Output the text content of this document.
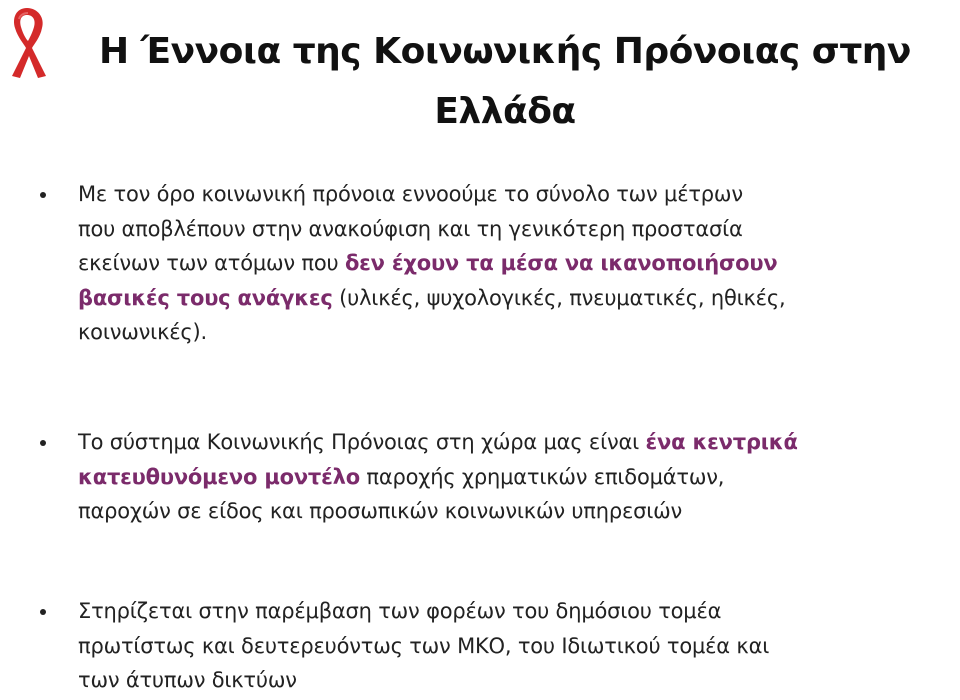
Η Έννοια της Κοινωνικής Πρόνοιας στην
Ελλάδα

Με τον όρο κοινωνική πρόνοια εννοούμε το σύνολο των μέτρων
που αποβλέπουν στην ανακούφιση και τη γενικότερη προστασία
εκείνων των ατόμων που δεν έχουν τα μέσα να ικανοποιήσουν
βασικές τους ανάγκες (υλικές, ψυχολογικές, πνευματικές, ηθικές,
κοινωνικές).

Το σύστημα Κοινωνικής Πρόνοιας στη χώρα μας είναι ένα κεντρικά
κατευθυνόμενο μοντέλο παροχής χρηματικών επιδομάτων,
παροχών σε είδος και προσωπικών κοινωνικών υπηρεσιών

Στηρίζεται στην παρέμβαση των φορέων του δημόσιου τομέα
πρωτίστως και δευτερευόντως των ΜΚΟ, του Ιδιωτικού τομέα και
των άτυπων δικτύων
